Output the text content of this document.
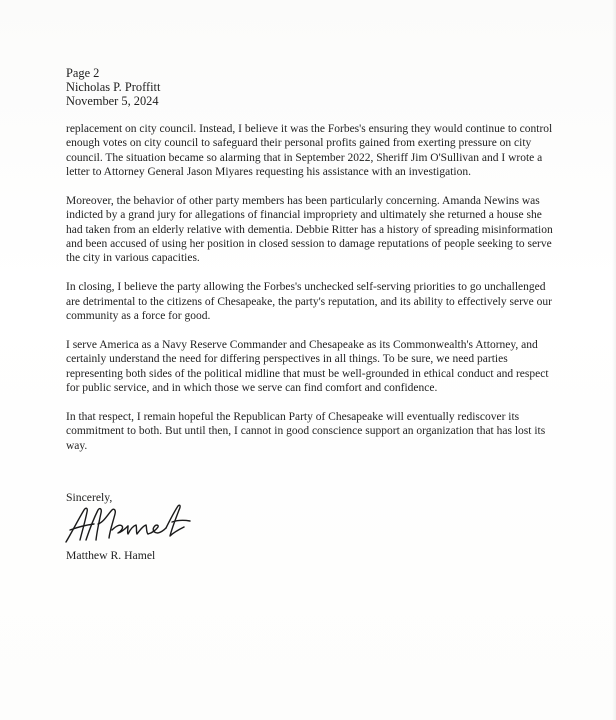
Page 2
Nicholas P. Proffitt
November 5, 2024

replacement on city council. Instead, I believe it was the Forbes's ensuring they would continue to control enough votes on city council to safeguard their personal profits gained from exerting pressure on city council. The situation became so alarming that in September 2022, Sheriff Jim O'Sullivan and I wrote a letter to Attorney General Jason Miyares requesting his assistance with an investigation.

Moreover, the behavior of other party members has been particularly concerning. Amanda Newins was indicted by a grand jury for allegations of financial impropriety and ultimately she returned a house she had taken from an elderly relative with dementia. Debbie Ritter has a history of spreading misinformation and been accused of using her position in closed session to damage reputations of people seeking to serve the city in various capacities.

In closing, I believe the party allowing the Forbes's unchecked self-serving priorities to go unchallenged are detrimental to the citizens of Chesapeake, the party's reputation, and its ability to effectively serve our community as a force for good.

I serve America as a Navy Reserve Commander and Chesapeake as its Commonwealth's Attorney, and certainly understand the need for differing perspectives in all things. To be sure, we need parties representing both sides of the political midline that must be well-grounded in ethical conduct and respect for public service, and in which those we serve can find comfort and confidence.

In that respect, I remain hopeful the Republican Party of Chesapeake will eventually rediscover its commitment to both. But until then, I cannot in good conscience support an organization that has lost its way.

Sincerely,
Matthew R. Hamel
